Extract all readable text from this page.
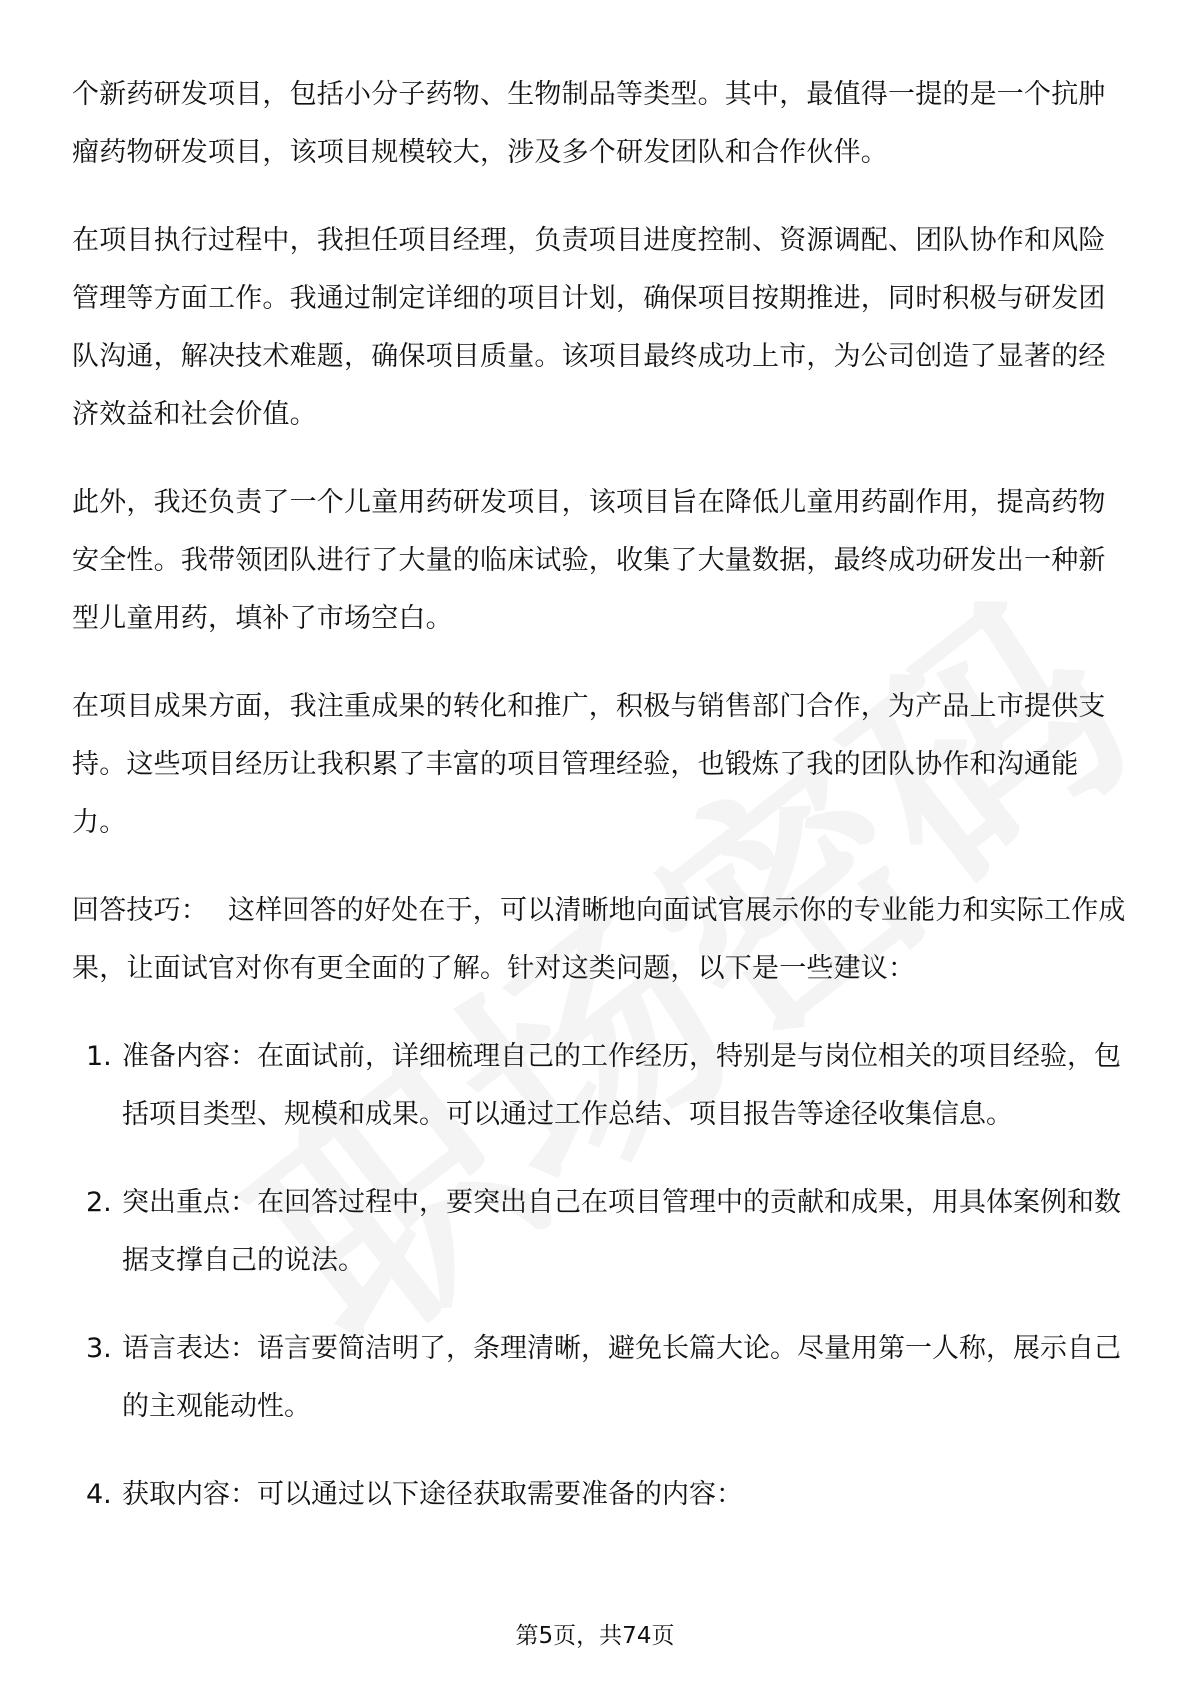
个新药研发项目，包括小分子药物、生物制品等类型。其中，最值得一提的是一个抗肿瘤药物研发项目，该项目规模较大，涉及多个研发团队和合作伙伴。

在项目执行过程中，我担任项目经理，负责项目进度控制、资源调配、团队协作和风险管理等方面工作。我通过制定详细的项目计划，确保项目按期推进，同时积极与研发团队沟通，解决技术难题，确保项目质量。该项目最终成功上市，为公司创造了显著的经济效益和社会价值。

此外，我还负责了一个儿童用药研发项目，该项目旨在降低儿童用药副作用，提高药物安全性。我带领团队进行了大量的临床试验，收集了大量数据，最终成功研发出一种新型儿童用药，填补了市场空白。

在项目成果方面，我注重成果的转化和推广，积极与销售部门合作，为产品上市提供支持。这些项目经历让我积累了丰富的项目管理经验，也锻炼了我的团队协作和沟通能力。

回答技巧： 这样回答的好处在于，可以清晰地向面试官展示你的专业能力和实际工作成果，让面试官对你有更全面的了解。针对这类问题，以下是一些建议：

1. 准备内容：在面试前，详细梳理自己的工作经历，特别是与岗位相关的项目经验，包括项目类型、规模和成果。可以通过工作总结、项目报告等途径收集信息。
2. 突出重点：在回答过程中，要突出自己在项目管理中的贡献和成果，用具体案例和数据支撑自己的说法。
3. 语言表达：语言要简洁明了，条理清晰，避免长篇大论。尽量用第一人称，展示自己的主观能动性。
4. 获取内容：可以通过以下途径获取需要准备的内容：
第5页，共74页
